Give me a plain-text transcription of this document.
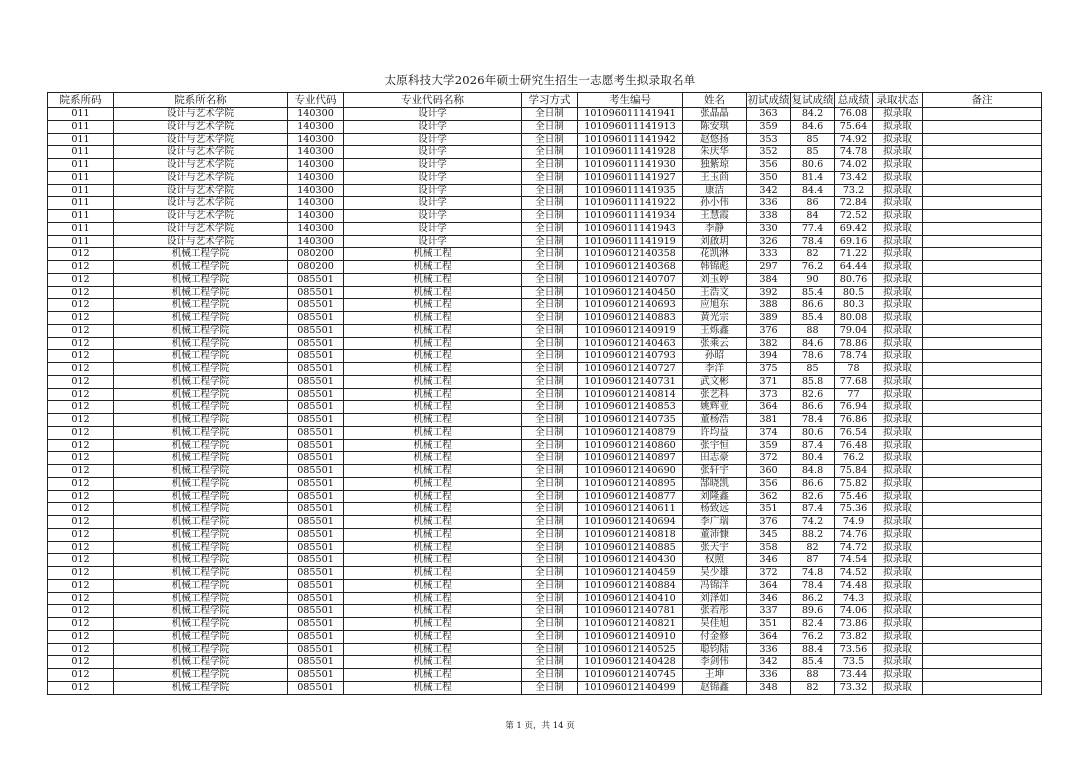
太原科技大学2026年硕士研究生招生一志愿考生拟录取名单
院系所码	院系所名称	专业代码	专业代码名称	学习方式	考生编号	姓名	初试成绩	复试成绩	总成绩	录取状态	备注
011	设计与艺术学院	140300	设计学	全日制	101096011141941	张晶晶	363	84.2	76.08	拟录取	
011	设计与艺术学院	140300	设计学	全日制	101096011141913	陈安琪	359	84.6	75.64	拟录取	
011	设计与艺术学院	140300	设计学	全日制	101096011141942	赵悠扬	353	85	74.92	拟录取	
011	设计与艺术学院	140300	设计学	全日制	101096011141928	朱庆华	352	85	74.78	拟录取	
011	设计与艺术学院	140300	设计学	全日制	101096011141930	独紫琼	356	80.6	74.02	拟录取	
011	设计与艺术学院	140300	设计学	全日制	101096011141927	王玉茴	350	81.4	73.42	拟录取	
011	设计与艺术学院	140300	设计学	全日制	101096011141935	康洁	342	84.4	73.2	拟录取	
011	设计与艺术学院	140300	设计学	全日制	101096011141922	孙小伟	336	86	72.84	拟录取	
011	设计与艺术学院	140300	设计学	全日制	101096011141934	王慧霞	338	84	72.52	拟录取	
011	设计与艺术学院	140300	设计学	全日制	101096011141943	李静	330	77.4	69.42	拟录取	
011	设计与艺术学院	140300	设计学	全日制	101096011141919	刘啟玥	326	78.4	69.16	拟录取	
012	机械工程学院	080200	机械工程	全日制	101096012140358	花凯淋	333	82	71.22	拟录取	
012	机械工程学院	080200	机械工程	全日制	101096012140368	韩锦彪	297	76.2	64.44	拟录取	
012	机械工程学院	085501	机械工程	全日制	101096012140707	刘玉婷	384	90	80.76	拟录取	
012	机械工程学院	085501	机械工程	全日制	101096012140450	王浩文	392	85.4	80.5	拟录取	
012	机械工程学院	085501	机械工程	全日制	101096012140693	应旭东	388	86.6	80.3	拟录取	
012	机械工程学院	085501	机械工程	全日制	101096012140883	黄光宗	389	85.4	80.08	拟录取	
012	机械工程学院	085501	机械工程	全日制	101096012140919	王烁鑫	376	88	79.04	拟录取	
012	机械工程学院	085501	机械工程	全日制	101096012140463	张乘云	382	84.6	78.86	拟录取	
012	机械工程学院	085501	机械工程	全日制	101096012140793	孙昭	394	78.6	78.74	拟录取	
012	机械工程学院	085501	机械工程	全日制	101096012140727	李洋	375	85	78	拟录取	
012	机械工程学院	085501	机械工程	全日制	101096012140731	武文彬	371	85.8	77.68	拟录取	
012	机械工程学院	085501	机械工程	全日制	101096012140814	张艺科	373	82.6	77	拟录取	
012	机械工程学院	085501	机械工程	全日制	101096012140853	姚辉亚	364	86.6	76.94	拟录取	
012	机械工程学院	085501	机械工程	全日制	101096012140735	董杨浩	381	78.4	76.86	拟录取	
012	机械工程学院	085501	机械工程	全日制	101096012140879	许均益	374	80.6	76.54	拟录取	
012	机械工程学院	085501	机械工程	全日制	101096012140860	张宇恒	359	87.4	76.48	拟录取	
012	机械工程学院	085501	机械工程	全日制	101096012140897	田志豪	372	80.4	76.2	拟录取	
012	机械工程学院	085501	机械工程	全日制	101096012140690	张轩宇	360	84.8	75.84	拟录取	
012	机械工程学院	085501	机械工程	全日制	101096012140895	郜晓凯	356	86.6	75.82	拟录取	
012	机械工程学院	085501	机械工程	全日制	101096012140877	刘隆鑫	362	82.6	75.46	拟录取	
012	机械工程学院	085501	机械工程	全日制	101096012140611	杨致远	351	87.4	75.36	拟录取	
012	机械工程学院	085501	机械工程	全日制	101096012140694	李广瑞	376	74.2	74.9	拟录取	
012	机械工程学院	085501	机械工程	全日制	101096012140818	董沛慷	345	88.2	74.76	拟录取	
012	机械工程学院	085501	机械工程	全日制	101096012140885	张天宇	358	82	74.72	拟录取	
012	机械工程学院	085501	机械工程	全日制	101096012140430	权照	346	87	74.54	拟录取	
012	机械工程学院	085501	机械工程	全日制	101096012140459	吴少雄	372	74.8	74.52	拟录取	
012	机械工程学院	085501	机械工程	全日制	101096012140884	冯锦洋	364	78.4	74.48	拟录取	
012	机械工程学院	085501	机械工程	全日制	101096012140410	刘泽如	346	86.2	74.3	拟录取	
012	机械工程学院	085501	机械工程	全日制	101096012140781	张若彤	337	89.6	74.06	拟录取	
012	机械工程学院	085501	机械工程	全日制	101096012140821	吴佳旭	351	82.4	73.86	拟录取	
012	机械工程学院	085501	机械工程	全日制	101096012140910	付金修	364	76.2	73.82	拟录取	
012	机械工程学院	085501	机械工程	全日制	101096012140525	聪钧陆	336	88.4	73.56	拟录取	
012	机械工程学院	085501	机械工程	全日制	101096012140428	李剑伟	342	85.4	73.5	拟录取	
012	机械工程学院	085501	机械工程	全日制	101096012140745	王坤	336	88	73.44	拟录取	
012	机械工程学院	085501	机械工程	全日制	101096012140499	赵锦鑫	348	82	73.32	拟录取	
第 1 页，共 14 页
